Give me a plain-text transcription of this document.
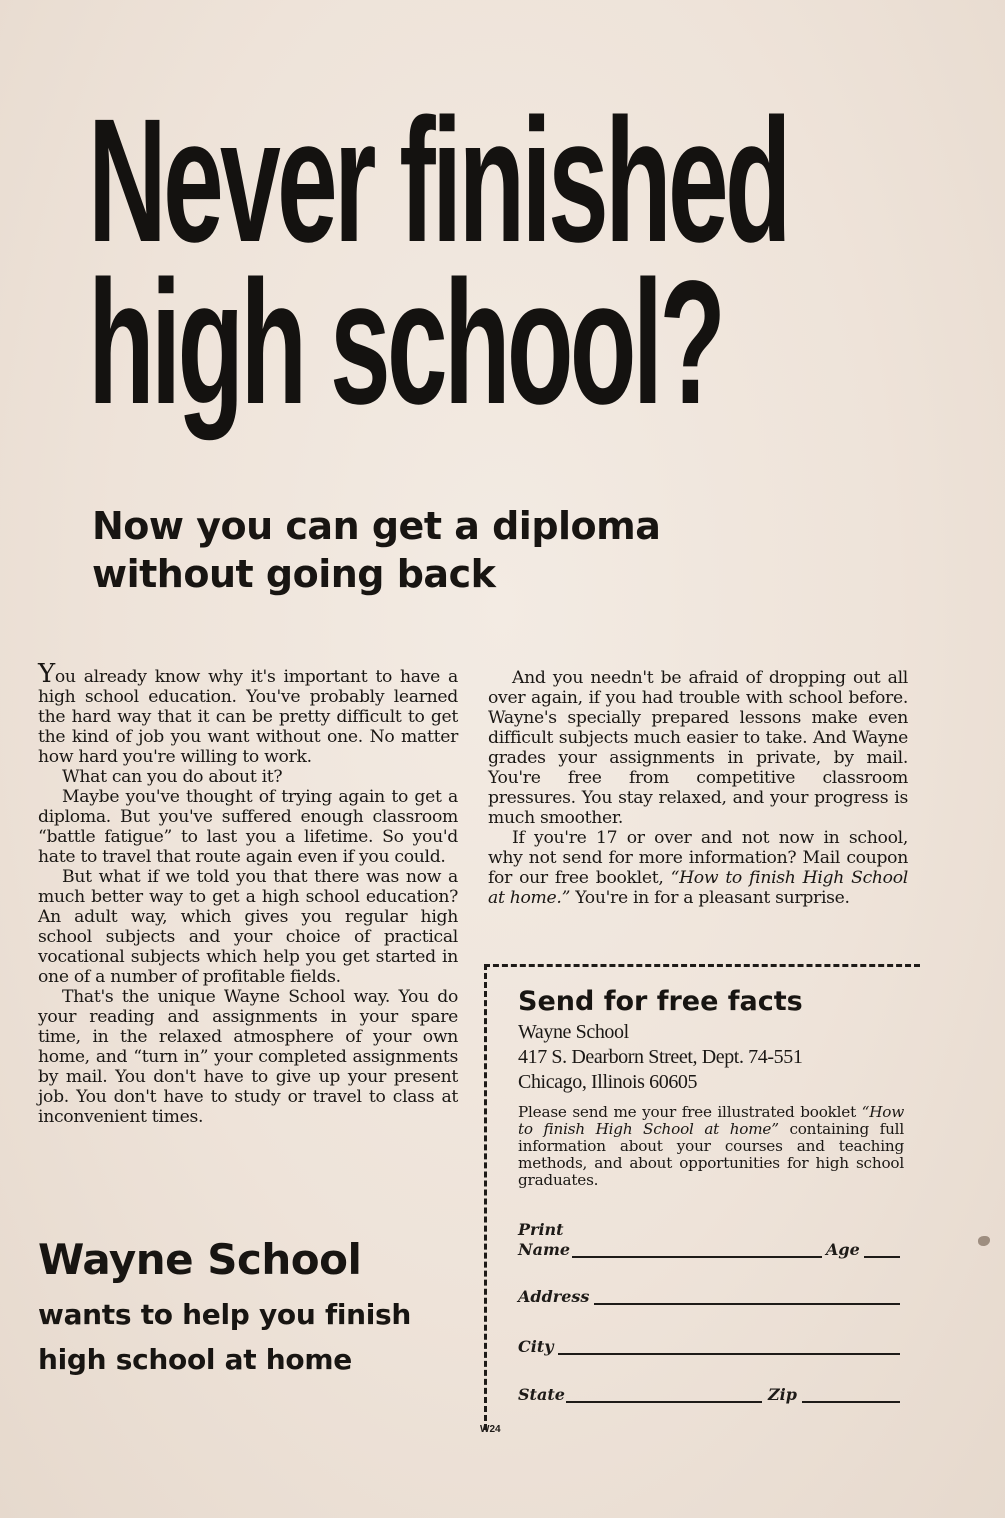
Never finished
high school?
Now you can get a diploma
without going back

You already know why it's important to have a high school education. You've probably learned the hard way that it can be pretty difficult to get the kind of job you want without one. No matter how hard you're willing to work.

What can you do about it?

Maybe you've thought of trying again to get a diploma. But you've suffered enough classroom “battle fatigue” to last you a lifetime. So you'd hate to travel that route again even if you could.

But what if we told you that there was now a much better way to get a high school education? An adult way, which gives you regular high school subjects and your choice of practical vocational subjects which help you get started in one of a number of profitable fields.

That's the unique Wayne School way. You do your reading and assignments in your spare time, in the relaxed atmosphere of your own home, and “turn in” your completed assignments by mail. You don't have to give up your present job. You don't have to study or travel to class at inconvenient times.

And you needn't be afraid of dropping out all over again, if you had trouble with school before. Wayne's specially prepared lessons make even difficult subjects much easier to take. And Wayne grades your assignments in private, by mail. You're free from competitive classroom pressures. You stay relaxed, and your progress is much smoother.

If you're 17 or over and not now in school, why not send for more information? Mail coupon for our free booklet, “How to finish High School at home.” You're in for a pleasant surprise.

Wayne School
wants to help you finish
high school at home
Send for free facts
Wayne School
417 S. Dearborn Street, Dept. 74-551
Chicago, Illinois 60605
Please send me your free illustrated booklet “How to finish High School at home” containing full information about your courses and teaching methods, and about opportunities for high school graduates.
Print
Name	Age
Address
City
State	Zip
W24
